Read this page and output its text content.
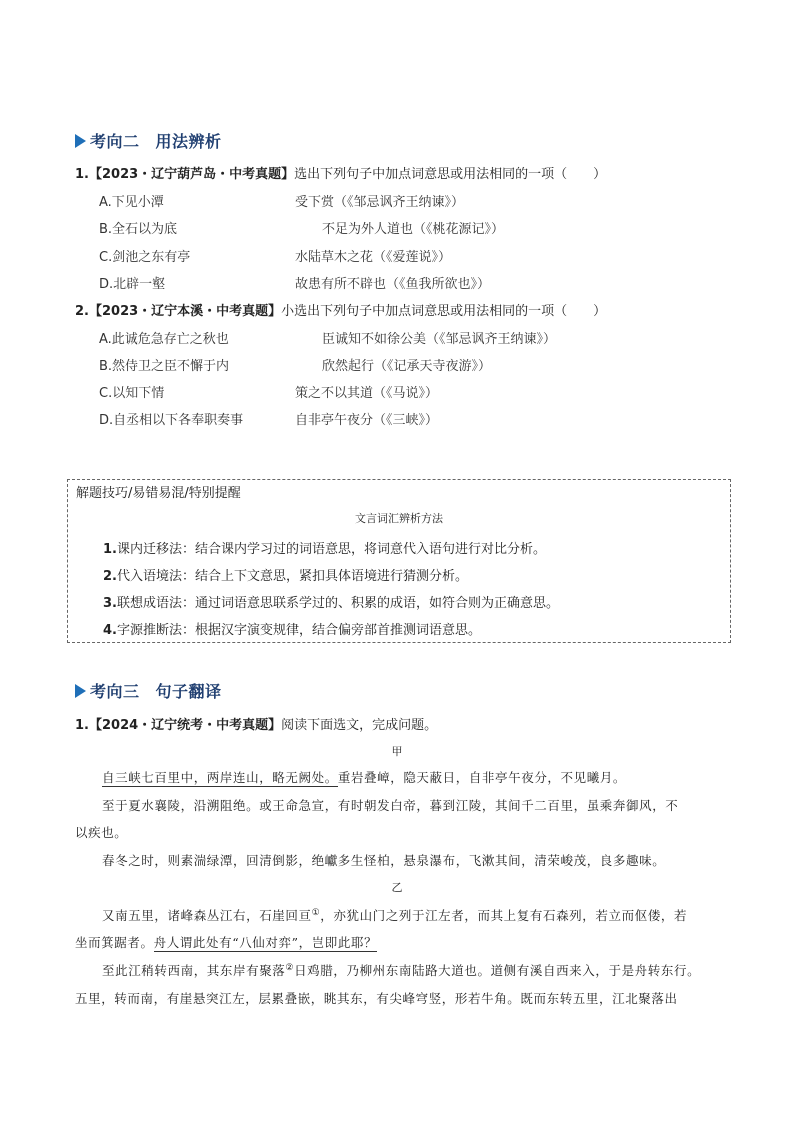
考向二 用法辨析
1.【2023・辽宁葫芦岛・中考真题】选出下列句子中加点词意思或用法相同的一项（　　）
A.下见小潭	受下赏（《邹忌讽齐王纳谏》）
B.全石以为底	不足为外人道也（《桃花源记》）
C.剑池之东有亭	水陆草木之花（《爱莲说》）
D.北辟一壑	故患有所不辟也（《鱼我所欲也》）
2.【2023・辽宁本溪・中考真题】小选出下列句子中加点词意思或用法相同的一项（　　）
A.此诚危急存亡之秋也	臣诚知不如徐公美（《邹忌讽齐王纳谏》）
B.然侍卫之臣不懈于内	欣然起行（《记承天寺夜游》）
C.以知下情	策之不以其道（《马说》）
D.自丞相以下各奉职奏事	自非亭午夜分（《三峡》）
解题技巧/易错易混/特别提醒
文言词汇辨析方法
1.课内迁移法：结合课内学习过的词语意思，将词意代入语句进行对比分析。
2.代入语境法：结合上下文意思，紧扣具体语境进行猜测分析。
3.联想成语法：通过词语意思联系学过的、积累的成语，如符合则为正确意思。
4.字源推断法：根据汉字演变规律，结合偏旁部首推测词语意思。
考向三 句子翻译
1.【2024・辽宁统考・中考真题】阅读下面选文，完成问题。
甲
自三峡七百里中，两岸连山，略无阙处。重岩叠嶂，隐天蔽日，自非亭午夜分，不见曦月。
至于夏水襄陵，沿溯阻绝。或王命急宣，有时朝发白帝，暮到江陵，其间千二百里，虽乘奔御风，不
以疾也。
春冬之时，则素湍绿潭，回清倒影，绝巘多生怪柏，悬泉瀑布，飞漱其间，清荣峻茂，良多趣味。
乙
又南五里，诸峰森丛江右，石崖回亘①，亦犹山门之列于江左者，而其上复有石森列，若立而伛偻，若
坐而箕踞者。舟人谓此处有“八仙对弈”，岂即此耶？
至此江稍转西南，其东岸有聚落②日鸡腊，乃柳州东南陆路大道也。道侧有溪自西来入，于是舟转东行。
五里，转而南，有崖悬突江左，层累叠嵌，眺其东，有尖峰穹竖，形若牛角。既而东转五里，江北聚落出
